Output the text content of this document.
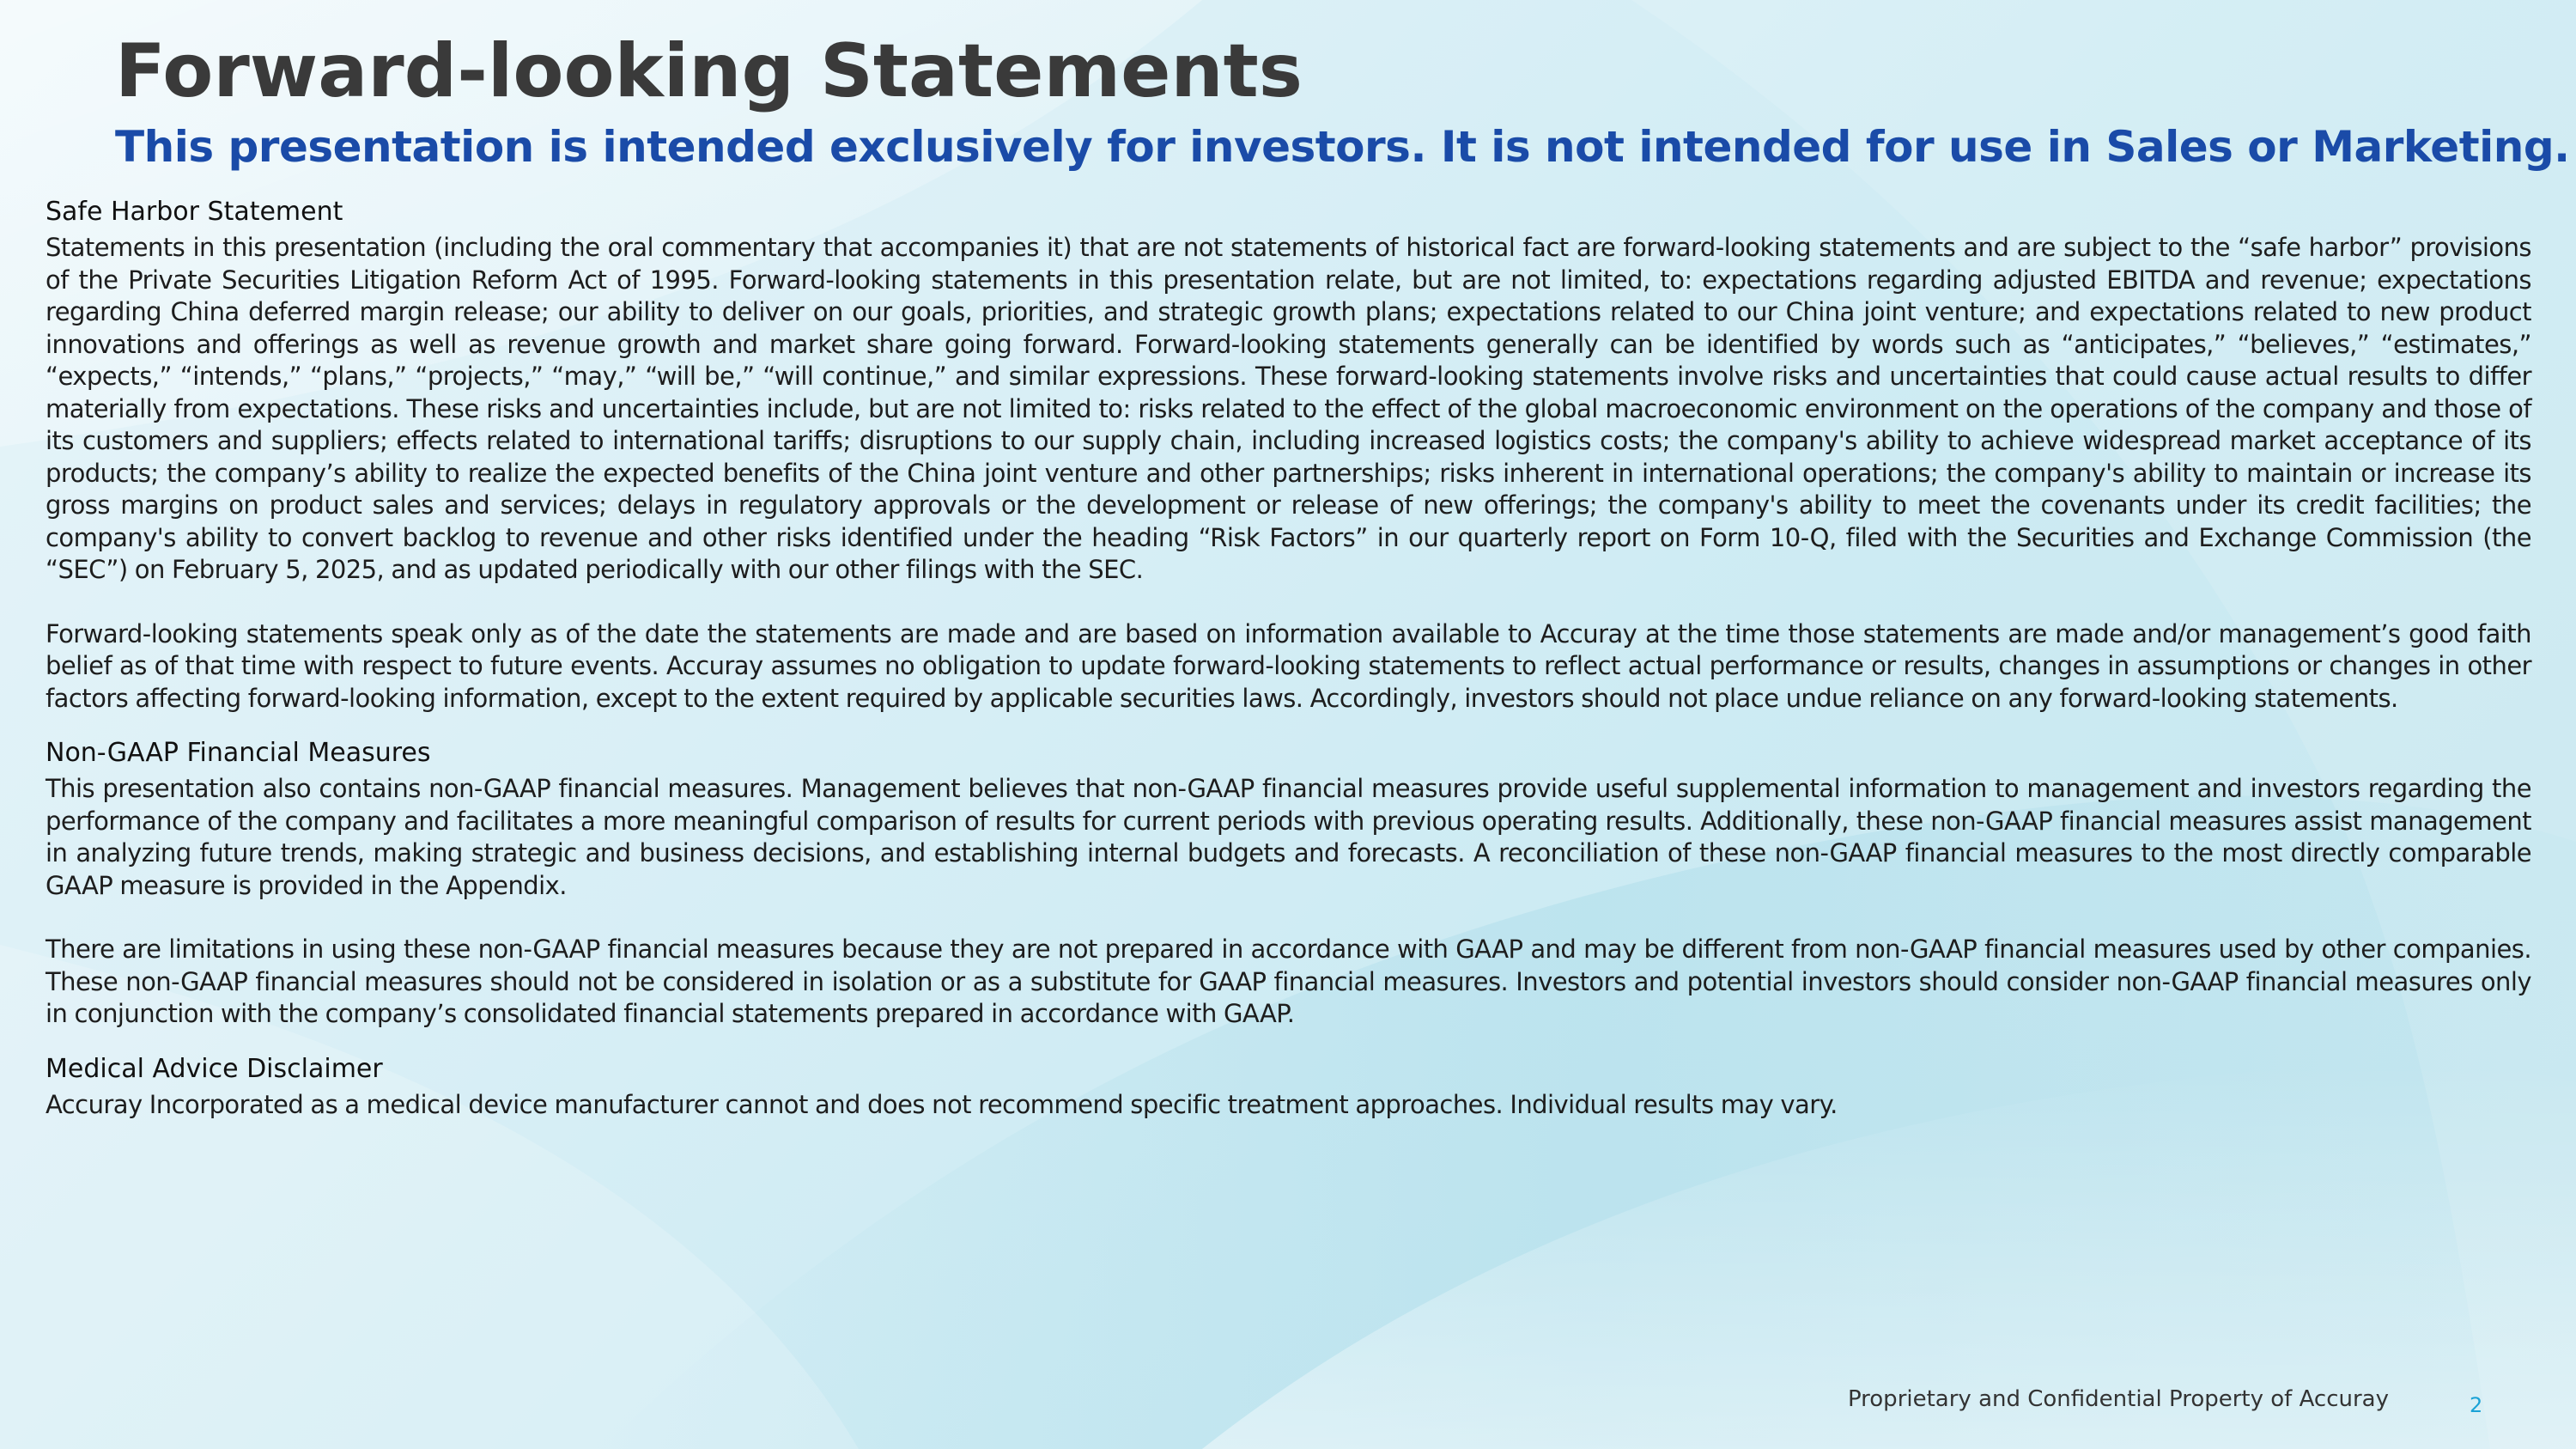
Forward-looking Statements
This presentation is intended exclusively for investors. It is not intended for use in Sales or Marketing.
Safe Harbor Statement

Statements in this presentation (including the oral commentary that accompanies it) that are not statements of historical fact are forward-looking statements and are subject to the “safe harbor” provisions of the Private Securities Litigation Reform Act of 1995. Forward-looking statements in this presentation relate, but are not limited, to: expectations regarding adjusted EBITDA and revenue; expectations regarding China deferred margin release; our ability to deliver on our goals, priorities, and strategic growth plans; expectations related to our China joint venture; and expectations related to new product innovations and offerings as well as revenue growth and market share going forward. Forward-looking statements generally can be identified by words such as “anticipates,” “believes,” “estimates,” “expects,” “intends,” “plans,” “projects,” “may,” “will be,” “will continue,” and similar expressions. These forward-looking statements involve risks and uncertainties that could cause actual results to differ materially from expectations. These risks and uncertainties include, but are not limited to: risks related to the effect of the global macroeconomic environment on the operations of the company and those of its customers and suppliers; effects related to international tariffs; disruptions to our supply chain, including increased logistics costs; the company's ability to achieve widespread market acceptance of its products; the company’s ability to realize the expected benefits of the China joint venture and other partnerships; risks inherent in international operations; the company's ability to maintain or increase its gross margins on product sales and services; delays in regulatory approvals or the development or release of new offerings; the company's ability to meet the covenants under its credit facilities; the company's ability to convert backlog to revenue and other risks identified under the heading “Risk Factors” in our quarterly report on Form 10-Q, filed with the Securities and Exchange Commission (the “SEC”) on February 5, 2025, and as updated periodically with our other filings with the SEC.

Forward-looking statements speak only as of the date the statements are made and are based on information available to Accuray at the time those statements are made and/or management’s good faith belief as of that time with respect to future events. Accuray assumes no obligation to update forward-looking statements to reflect actual performance or results, changes in assumptions or changes in other factors affecting forward-looking information, except to the extent required by applicable securities laws. Accordingly, investors should not place undue reliance on any forward-looking statements.

Non-GAAP Financial Measures

This presentation also contains non-GAAP financial measures. Management believes that non-GAAP financial measures provide useful supplemental information to management and investors regarding the performance of the company and facilitates a more meaningful comparison of results for current periods with previous operating results. Additionally, these non-GAAP financial measures assist management in analyzing future trends, making strategic and business decisions, and establishing internal budgets and forecasts. A reconciliation of these non-GAAP financial measures to the most directly comparable GAAP measure is provided in the Appendix.

There are limitations in using these non-GAAP financial measures because they are not prepared in accordance with GAAP and may be different from non-GAAP financial measures used by other companies. These non-GAAP financial measures should not be considered in isolation or as a substitute for GAAP financial measures. Investors and potential investors should consider non-GAAP financial measures only in conjunction with the company’s consolidated financial statements prepared in accordance with GAAP.

Medical Advice Disclaimer

Accuray Incorporated as a medical device manufacturer cannot and does not recommend specific treatment approaches. Individual results may vary.

Proprietary and Confidential Property of Accuray	2
